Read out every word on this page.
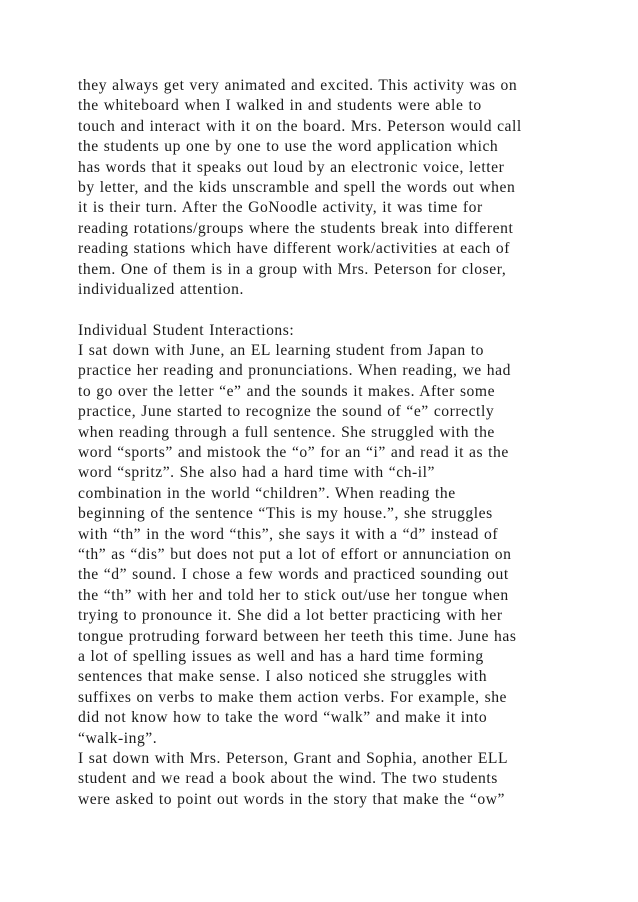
they always get very animated and excited. This activity was on
the whiteboard when I walked in and students were able to
touch and interact with it on the board. Mrs. Peterson would call
the students up one by one to use the word application which
has words that it speaks out loud by an electronic voice, letter
by letter, and the kids unscramble and spell the words out when
it is their turn. After the GoNoodle activity, it was time for
reading rotations/groups where the students break into different
reading stations which have different work/activities at each of
them. One of them is in a group with Mrs. Peterson for closer,
individualized attention.
Individual Student Interactions:
I sat down with June, an EL learning student from Japan to
practice her reading and pronunciations. When reading, we had
to go over the letter “e” and the sounds it makes. After some
practice, June started to recognize the sound of “e” correctly
when reading through a full sentence. She struggled with the
word “sports” and mistook the “o” for an “i” and read it as the
word “spritz”. She also had a hard time with “ch-il”
combination in the world “children”. When reading the
beginning of the sentence “This is my house.”, she struggles
with “th” in the word “this”, she says it with a “d” instead of
“th” as “dis” but does not put a lot of effort or annunciation on
the “d” sound. I chose a few words and practiced sounding out
the “th” with her and told her to stick out/use her tongue when
trying to pronounce it. She did a lot better practicing with her
tongue protruding forward between her teeth this time. June has
a lot of spelling issues as well and has a hard time forming
sentences that make sense. I also noticed she struggles with
suffixes on verbs to make them action verbs. For example, she
did not know how to take the word “walk” and make it into
“walk-ing”.
I sat down with Mrs. Peterson, Grant and Sophia, another ELL
student and we read a book about the wind. The two students
were asked to point out words in the story that make the “ow”
